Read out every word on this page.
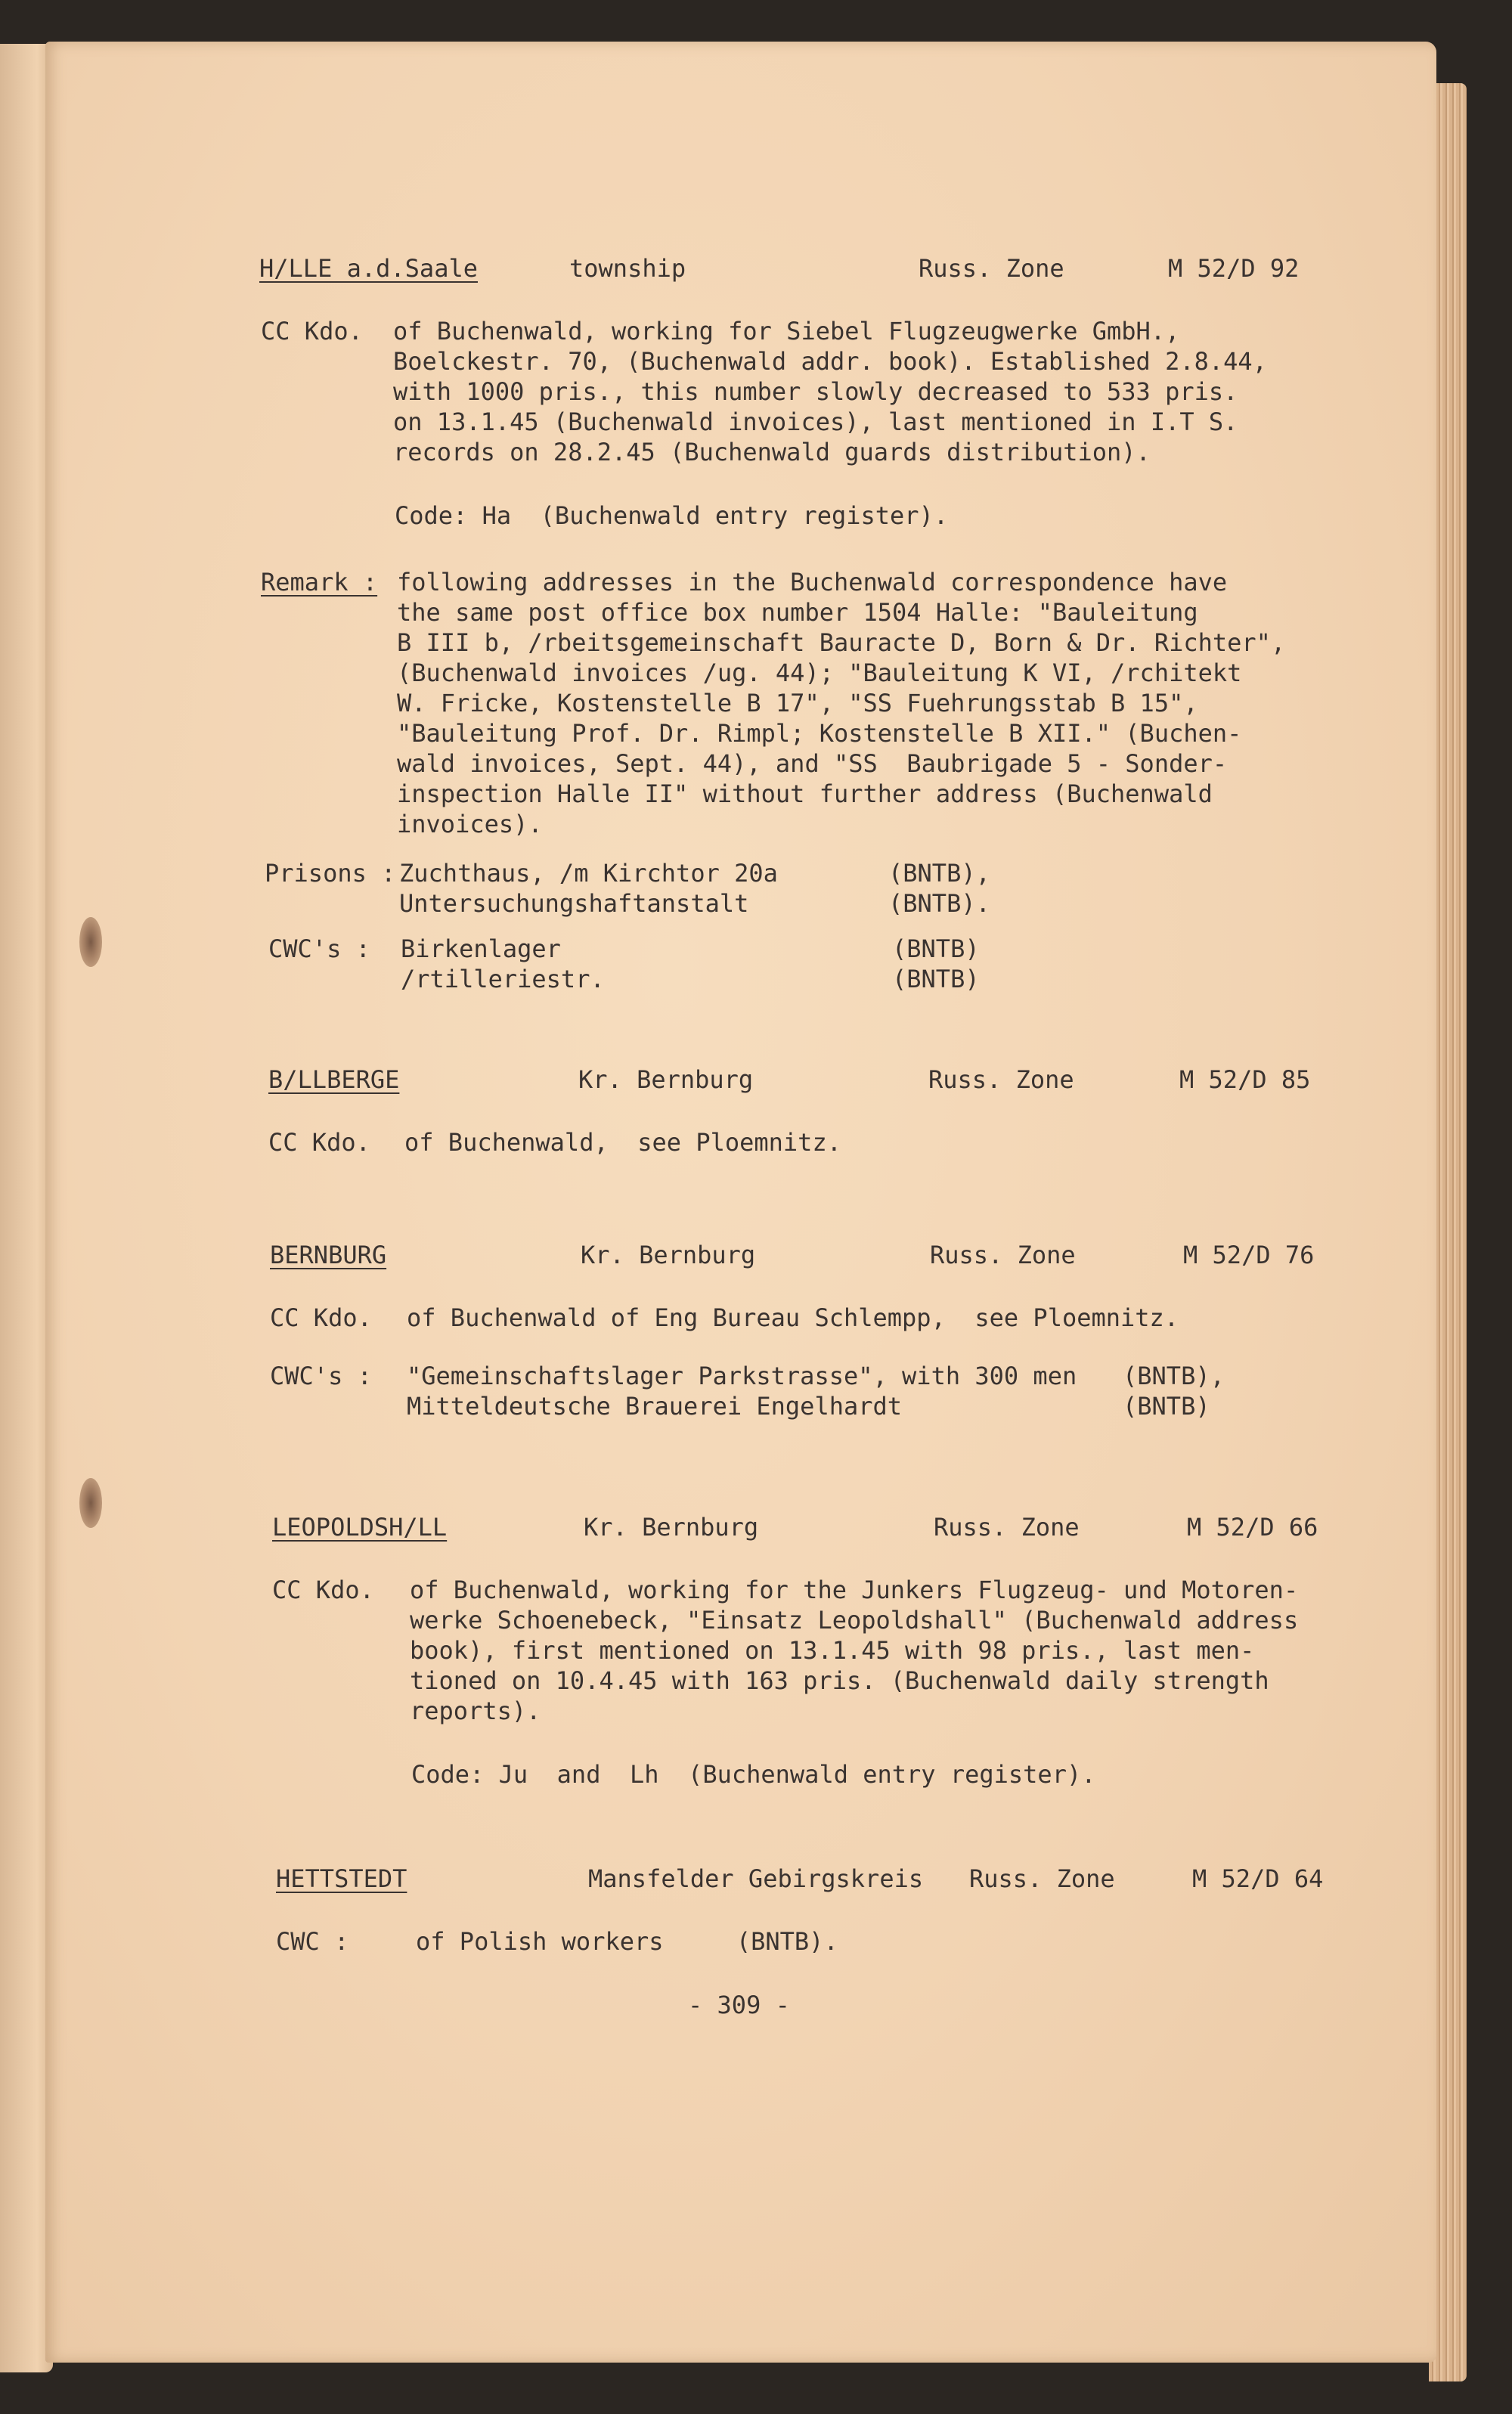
H/LLE a.d.Saale	township	Russ. Zone	M 52/D 92
CC Kdo. of Buchenwald, working for Siebel Flugzeugwerke GmbH.,
Boelckestr. 70, (Buchenwald addr. book). Established 2.8.44,
with 1000 pris., this number slowly decreased to 533 pris.
on 13.1.45 (Buchenwald invoices), last mentioned in I.T S.
records on 28.2.45 (Buchenwald guards distribution).
Code: Ha  (Buchenwald entry register).
Remark : following addresses in the Buchenwald correspondence have
the same post office box number 1504 Halle: "Bauleitung
B III b, /rbeitsgemeinschaft Bauracte D, Born & Dr. Richter",
(Buchenwald invoices /ug. 44); "Bauleitung K VI, /rchitekt
W. Fricke, Kostenstelle B 17", "SS Fuehrungsstab B 15",
"Bauleitung Prof. Dr. Rimpl; Kostenstelle B XII." (Buchen-
wald invoices, Sept. 44), and "SS  Baubrigade 5 - Sonder-
inspection Halle II" without further address (Buchenwald
invoices).
Prisons : Zuchthaus, /m Kirchtor 20a	(BNTB),
Untersuchungshaftanstalt	(BNTB).
CWC's : Birkenlager	(BNTB)
/rtilleriestr.	(BNTB)
B/LLBERGE	Kr. Bernburg	Russ. Zone	M 52/D 85
CC Kdo. of Buchenwald,  see Ploemnitz.
BERNBURG	Kr. Bernburg	Russ. Zone	M 52/D 76
CC Kdo. of Buchenwald of Eng Bureau Schlempp,  see Ploemnitz.
CWC's : "Gemeinschaftslager Parkstrasse", with 300 men (BNTB),
Mitteldeutsche Brauerei Engelhardt	(BNTB)
LEOPOLDSH/LL	Kr. Bernburg	Russ. Zone	M 52/D 66
CC Kdo. of Buchenwald, working for the Junkers Flugzeug- und Motoren-
werke Schoenebeck, "Einsatz Leopoldshall" (Buchenwald address
book), first mentioned on 13.1.45 with 98 pris., last men-
tioned on 10.4.45 with 163 pris. (Buchenwald daily strength
reports).
Code: Ju  and  Lh  (Buchenwald entry register).
HETTSTEDT	Mansfelder Gebirgskreis Russ. Zone	M 52/D 64
CWC :	of Polish workers     (BNTB).
- 309 -
